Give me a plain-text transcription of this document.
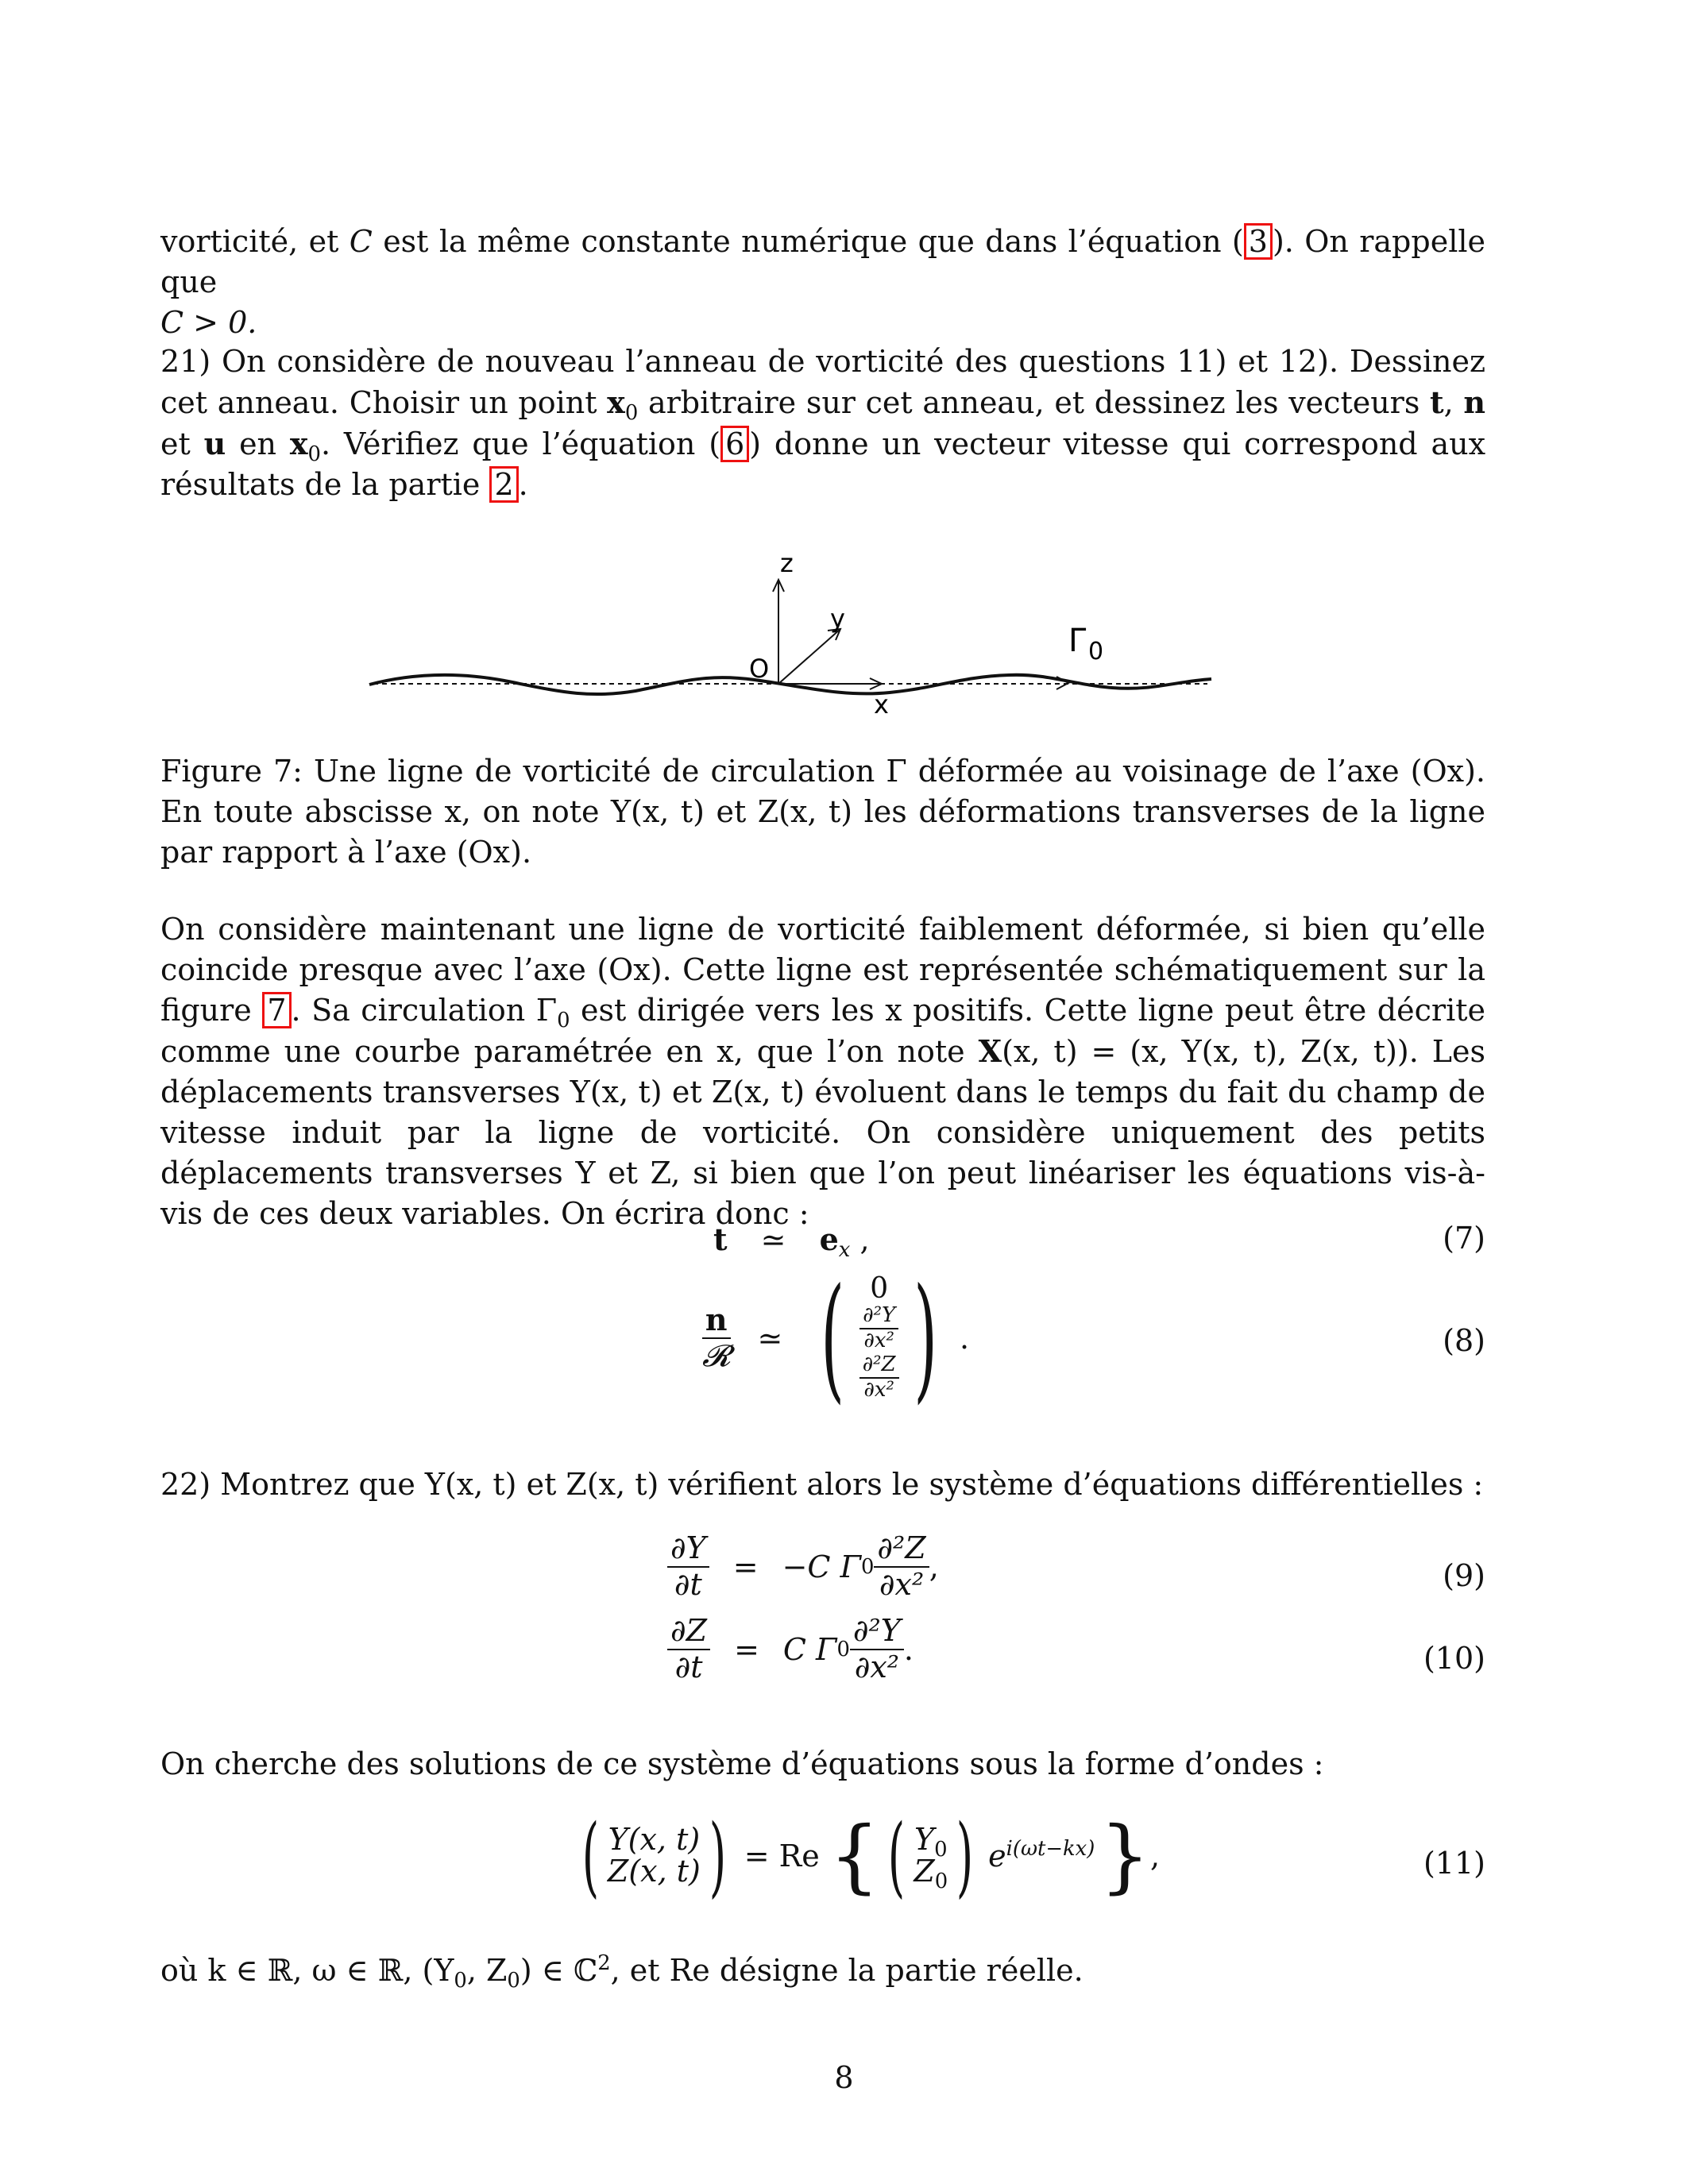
vorticité, et C est la même constante numérique que dans l’équation ( 3 ). On rappelle que

C > 0.

21) On considère de nouveau l’anneau de vorticité des questions 11) et 12). Dessinez cet anneau. Choisir un point $x_0$ arbitraire sur cet anneau, et dessinez les vecteurs t, n et u en $x_0$. Vérifiez que l’équation ( 6 ) donne un vecteur vitesse qui correspond aux résultats de la partie 2 .

z
y
O
x
Γ 0

Figure 7: Une ligne de vorticité de circulation Γ déformée au voisinage de l’axe (Ox). En toute abscisse x, on note Y(x, t) et Z(x, t) les déformations transverses de la ligne par rapport à l’axe (Ox).

On considère maintenant une ligne de vorticité faiblement déformée, si bien qu’elle coincide presque avec l’axe (Ox). Cette ligne est représentée schématiquement sur la figure 7 . Sa circulation $\Gamma_0$ est dirigée vers les x positifs. Cette ligne peut être décrite comme une courbe paramétrée en x, que l’on note X(x, t) = (x, Y(x, t), Z(x, t)). Les déplacements transverses Y(x, t) et Z(x, t) évoluent dans le temps du fait du champ de vitesse induit par la ligne de vorticité. On considère uniquement des petits déplacements transverses Y et Z, si bien que l’on peut linéariser les équations vis-à-vis de ces deux variables. On écrira donc :

t ≃ $e_x$ ,	(7)
$\frac{n}{\text{𝓡}}$ ≃ ( 0
$\frac{\text{∂²Y}}{\text{∂x²}}$
$\frac{\text{∂²Z}}{\text{∂x²}}$ ) .	(8)

22) Montrez que Y(x, t) et Z(x, t) vérifient alors le système d’équations différentielles :

$\frac{\partial Y}{\partial t} = -C$ Γ $0 \frac{\text{∂²Z}}{\text{∂x²}}$ ,	(9)
$\frac{\partial Z}{\partial t} = C$ Γ $0 \frac{\text{∂²Y}}{\text{∂x²}}$ .	(10)

On cherche des solutions de ce système d’équations sous la forme d’ondes :

( Y(x, t)
Z(x, t) ) = Re { ( $Y_0$
$Z_0$ ) $e^{i(\omega t-kx)}$ } ,	(11)

où k ∈ ℝ, ω ∈ ℝ, ($Y_0$, $Z_0$) ∈ ℂ$^2$, et Re désigne la partie réelle.

8
